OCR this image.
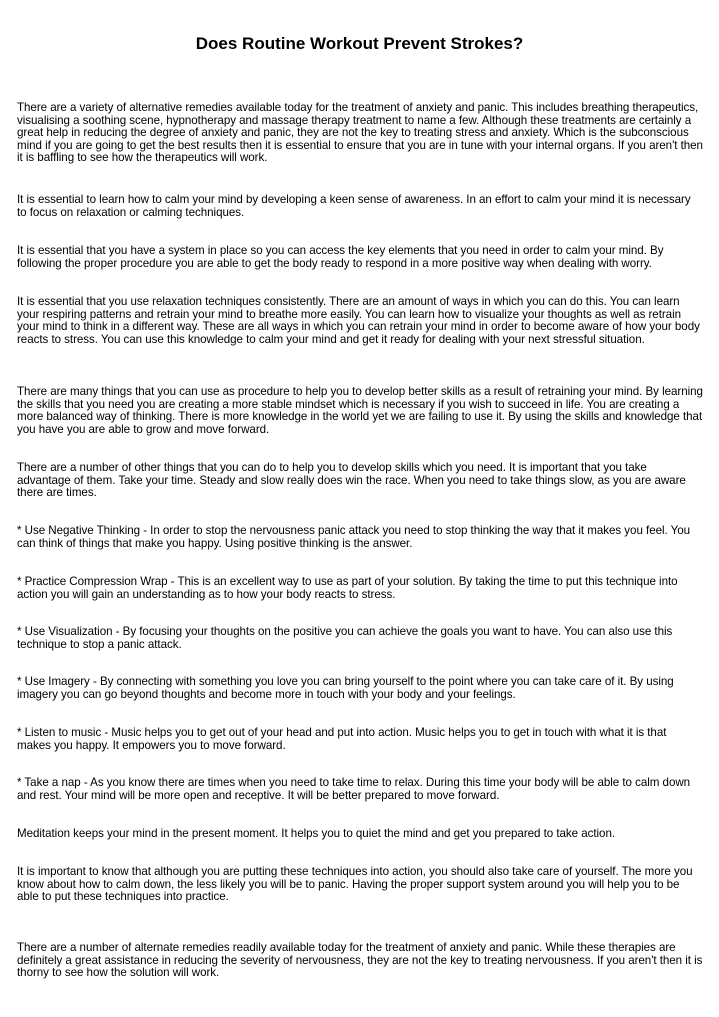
Does Routine Workout Prevent Strokes?

There are a variety of alternative remedies available today for the treatment of anxiety and panic. This includes breathing therapeutics, visualising a soothing scene, hypnotherapy and massage therapy treatment to name a few. Although these treatments are certainly a great help in reducing the degree of anxiety and panic, they are not the key to treating stress and anxiety. Which is the subconscious mind if you are going to get the best results then it is essential to ensure that you are in tune with your internal organs. If you aren't then it is baffling to see how the therapeutics will work.

It is essential to learn how to calm your mind by developing a keen sense of awareness. In an effort to calm your mind it is necessary to focus on relaxation or calming techniques.

It is essential that you have a system in place so you can access the key elements that you need in order to calm your mind. By following the proper procedure you are able to get the body ready to respond in a more positive way when dealing with worry.

It is essential that you use relaxation techniques consistently. There are an amount of ways in which you can do this. You can learn your respiring patterns and retrain your mind to breathe more easily. You can learn how to visualize your thoughts as well as retrain your mind to think in a different way. These are all ways in which you can retrain your mind in order to become aware of how your body reacts to stress. You can use this knowledge to calm your mind and get it ready for dealing with your next stressful situation.

There are many things that you can use as procedure to help you to develop better skills as a result of retraining your mind. By learning the skills that you need you are creating a more stable mindset which is necessary if you wish to succeed in life. You are creating a more balanced way of thinking. There is more knowledge in the world yet we are failing to use it. By using the skills and knowledge that you have you are able to grow and move forward.

There are a number of other things that you can do to help you to develop skills which you need. It is important that you take advantage of them. Take your time. Steady and slow really does win the race. When you need to take things slow, as you are aware there are times.

* Use Negative Thinking - In order to stop the nervousness panic attack you need to stop thinking the way that it makes you feel. You can think of things that make you happy. Using positive thinking is the answer.

* Practice Compression Wrap - This is an excellent way to use as part of your solution. By taking the time to put this technique into action you will gain an understanding as to how your body reacts to stress.

* Use Visualization - By focusing your thoughts on the positive you can achieve the goals you want to have. You can also use this technique to stop a panic attack.

* Use Imagery - By connecting with something you love you can bring yourself to the point where you can take care of it. By using imagery you can go beyond thoughts and become more in touch with your body and your feelings.

* Listen to music - Music helps you to get out of your head and put into action. Music helps you to get in touch with what it is that makes you happy. It empowers you to move forward.

* Take a nap - As you know there are times when you need to take time to relax. During this time your body will be able to calm down and rest. Your mind will be more open and receptive. It will be better prepared to move forward.

Meditation keeps your mind in the present moment. It helps you to quiet the mind and get you prepared to take action.

It is important to know that although you are putting these techniques into action, you should also take care of yourself. The more you know about how to calm down, the less likely you will be to panic. Having the proper support system around you will help you to be able to put these techniques into practice.

There are a number of alternate remedies readily available today for the treatment of anxiety and panic. While these therapies are definitely a great assistance in reducing the severity of nervousness, they are not the key to treating nervousness. If you aren't then it is thorny to see how the solution will work.
